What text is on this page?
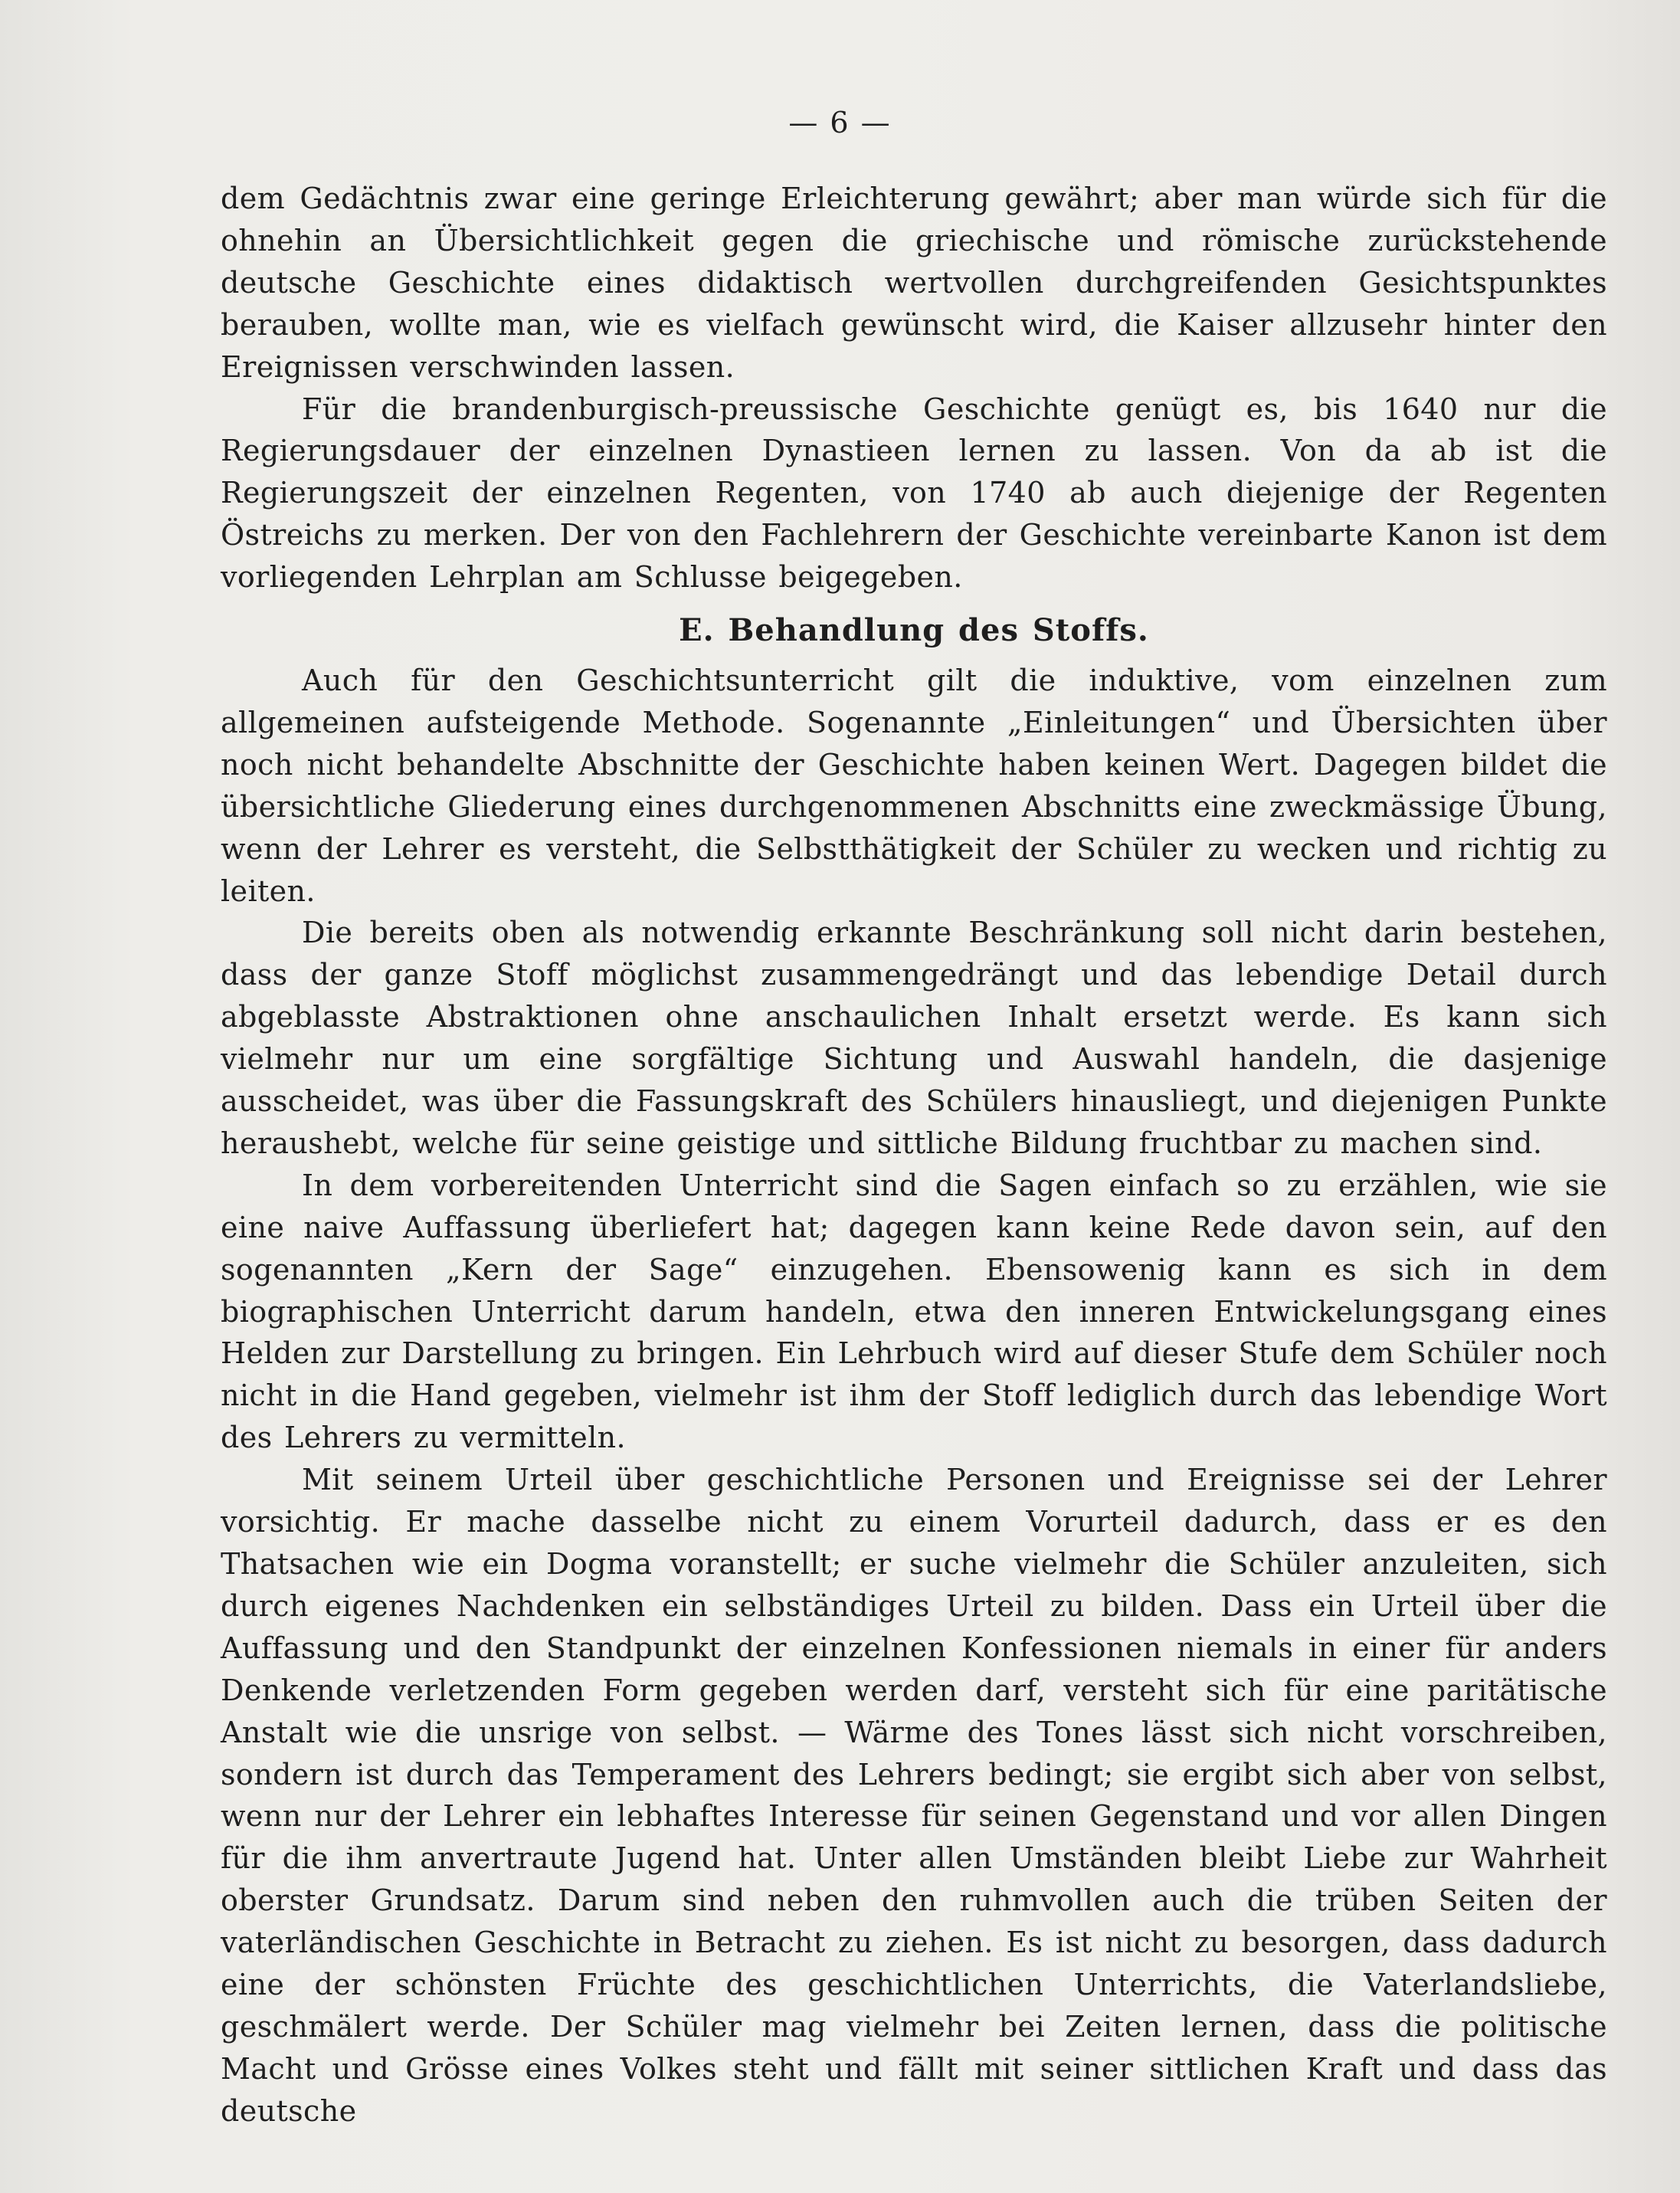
— 6 —

dem Gedächtnis zwar eine geringe Erleichterung gewährt; aber man würde sich für die ohnehin an Übersichtlichkeit gegen die griechische und römische zurückstehende deutsche Geschichte eines didaktisch wertvollen durchgreifenden Gesichtspunktes berauben, wollte man, wie es vielfach gewünscht wird, die Kaiser allzusehr hinter den Ereignissen verschwinden lassen.

Für die brandenburgisch-preussische Geschichte genügt es, bis 1640 nur die Regierungsdauer der einzelnen Dynastieen lernen zu lassen. Von da ab ist die Regierungszeit der einzelnen Regenten, von 1740 ab auch diejenige der Regenten Östreichs zu merken. Der von den Fachlehrern der Geschichte vereinbarte Kanon ist dem vorliegenden Lehrplan am Schlusse beigegeben.

E. Behandlung des Stoffs.

Auch für den Geschichtsunterricht gilt die induktive, vom einzelnen zum allgemeinen aufsteigende Methode. Sogenannte „Einleitungen“ und Übersichten über noch nicht behandelte Abschnitte der Geschichte haben keinen Wert. Dagegen bildet die übersichtliche Gliederung eines durchgenommenen Abschnitts eine zweckmässige Übung, wenn der Lehrer es versteht, die Selbstthätigkeit der Schüler zu wecken und richtig zu leiten.

Die bereits oben als notwendig erkannte Beschränkung soll nicht darin bestehen, dass der ganze Stoff möglichst zusammengedrängt und das lebendige Detail durch abgeblasste Abstraktionen ohne anschaulichen Inhalt ersetzt werde. Es kann sich vielmehr nur um eine sorgfältige Sichtung und Auswahl handeln, die dasjenige ausscheidet, was über die Fassungskraft des Schülers hinausliegt, und diejenigen Punkte heraushebt, welche für seine geistige und sittliche Bildung fruchtbar zu machen sind.

In dem vorbereitenden Unterricht sind die Sagen einfach so zu erzählen, wie sie eine naive Auffassung überliefert hat; dagegen kann keine Rede davon sein, auf den sogenannten „Kern der Sage“ einzugehen. Ebensowenig kann es sich in dem biographischen Unterricht darum handeln, etwa den inneren Entwickelungsgang eines Helden zur Darstellung zu bringen. Ein Lehrbuch wird auf dieser Stufe dem Schüler noch nicht in die Hand gegeben, vielmehr ist ihm der Stoff lediglich durch das lebendige Wort des Lehrers zu vermitteln.

Mit seinem Urteil über geschichtliche Personen und Ereignisse sei der Lehrer vorsichtig. Er mache dasselbe nicht zu einem Vorurteil dadurch, dass er es den Thatsachen wie ein Dogma voranstellt; er suche vielmehr die Schüler anzuleiten, sich durch eigenes Nachdenken ein selbständiges Urteil zu bilden. Dass ein Urteil über die Auffassung und den Standpunkt der einzelnen Konfessionen niemals in einer für anders Denkende verletzenden Form gegeben werden darf, versteht sich für eine paritätische Anstalt wie die unsrige von selbst. — Wärme des Tones lässt sich nicht vorschreiben, sondern ist durch das Temperament des Lehrers bedingt; sie ergibt sich aber von selbst, wenn nur der Lehrer ein lebhaftes Interesse für seinen Gegenstand und vor allen Dingen für die ihm anvertraute Jugend hat. Unter allen Umständen bleibt Liebe zur Wahrheit oberster Grundsatz. Darum sind neben den ruhmvollen auch die trüben Seiten der vaterländischen Geschichte in Betracht zu ziehen. Es ist nicht zu besorgen, dass dadurch eine der schönsten Früchte des geschichtlichen Unterrichts, die Vaterlandsliebe, geschmälert werde. Der Schüler mag vielmehr bei Zeiten lernen, dass die politische Macht und Grösse eines Volkes steht und fällt mit seiner sittlichen Kraft und dass das deutsche
